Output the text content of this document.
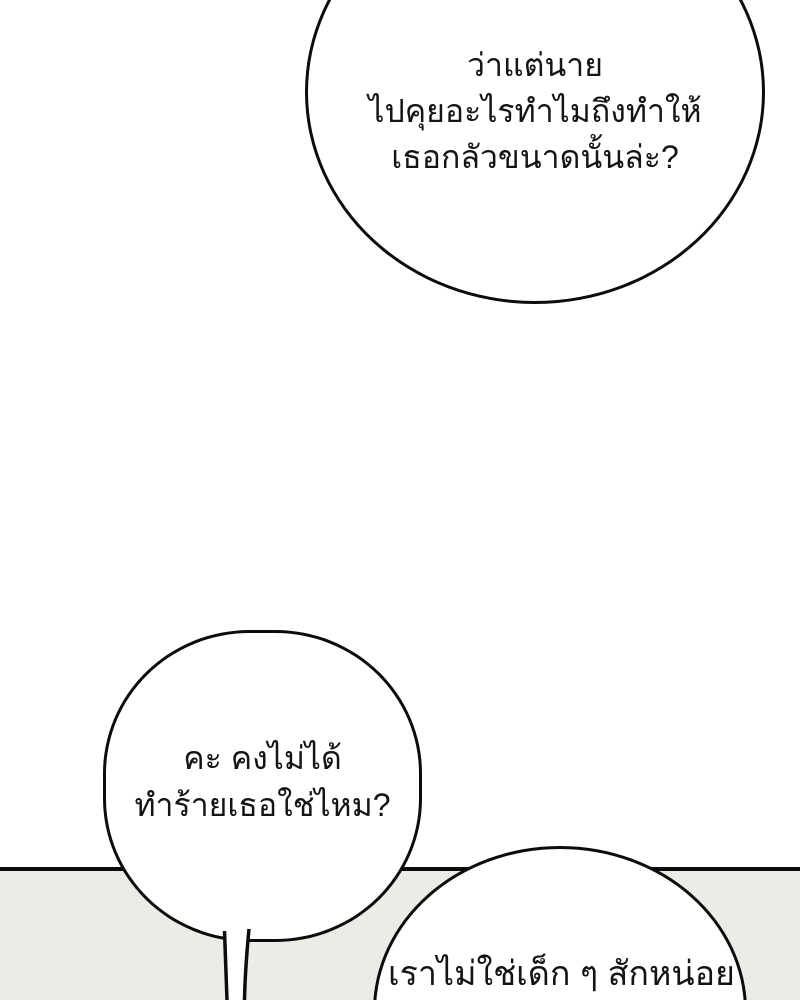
ว่าแต่นาย
ไปคุยอะไรทำไมถึงทำให้
เธอกลัวขนาดนั้นล่ะ?
คะ คงไม่ได้
ทำร้ายเธอใช่ไหม?
เราไม่ใช่เด็ก ๆ สักหน่อย
